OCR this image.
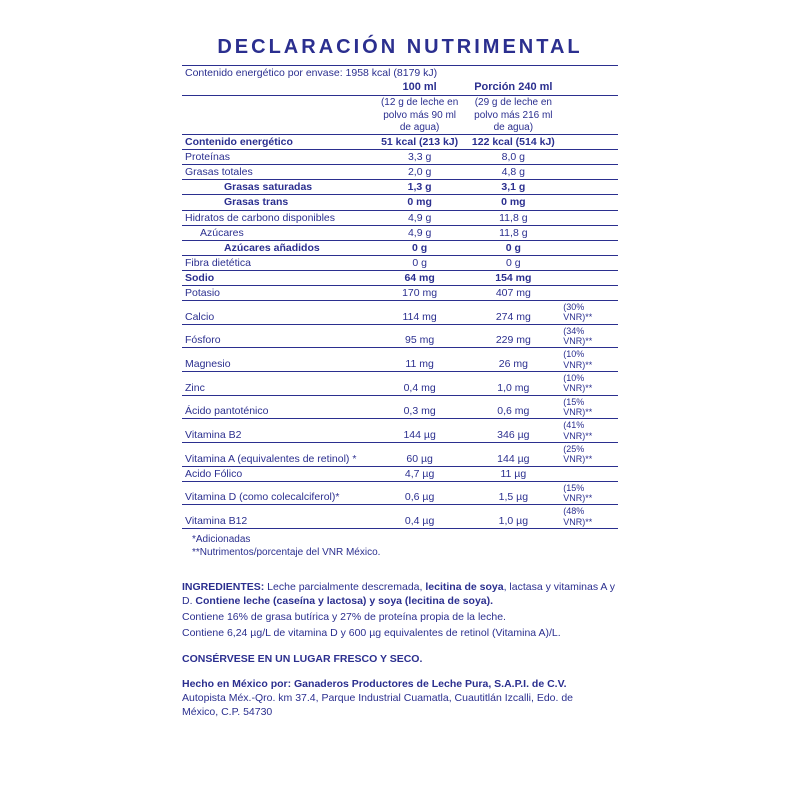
DECLARACIÓN NUTRIMENTAL
Contenido energético por envase: 1958 kcal (8179 kJ)			
	100 ml	Porción 240 ml	
	(12 g de leche en	(29 g de leche en	
	polvo más 90 ml de agua)	polvo más 216 ml de agua)	
Contenido energético	51 kcal (213 kJ)	122 kcal (514 kJ)	
Proteínas	3,3 g	8,0 g	
Grasas totales	2,0 g	4,8 g	
Grasas saturadas	1,3 g	3,1 g	
Grasas trans	0 mg	0 mg	
Hidratos de carbono disponibles	4,9 g	11,8 g	
Azúcares	4,9 g	11,8 g	
Azúcares añadidos	0 g	0 g	
Fibra dietética	0 g	0 g	
Sodio	64 mg	154 mg	
Potasio	170 mg	407 mg	
Calcio	114 mg	274 mg	(30% VNR)**
Fósforo	95 mg	229 mg	(34% VNR)**
Magnesio	11 mg	26 mg	(10% VNR)**
Zinc	0,4 mg	1,0 mg	(10% VNR)**
Ácido pantoténico	0,3 mg	0,6 mg	(15% VNR)**
Vitamina B2	144 µg	346 µg	(41% VNR)**
Vitamina A (equivalentes de retinol) *	60 µg	144 µg	(25% VNR)**
Acido Fólico	4,7 µg	11 µg	
Vitamina D (como colecalciferol)*	0,6 µg	1,5 µg	(15% VNR)**
Vitamina B12	0,4 µg	1,0 µg	(48% VNR)**
*Adicionadas
**Nutrimentos/porcentaje del VNR México.

INGREDIENTES: Leche parcialmente descremada, lecitina de soya, lactasa y vitaminas A y D. Contiene leche (caseína y lactosa) y soya (lecitina de soya).

Contiene 16% de grasa butírica y 27% de proteína propia de la leche.

Contiene 6,24 µg/L de vitamina D y 600 µg equivalentes de retinol (Vitamina A)/L.

CONSÉRVESE EN UN LUGAR FRESCO Y SECO.

Hecho en México por: Ganaderos Productores de Leche Pura, S.A.P.I. de C.V.

Autopista Méx.-Qro. km 37.4, Parque Industrial Cuamatla, Cuautitlán Izcalli, Edo. de

México, C.P. 54730
